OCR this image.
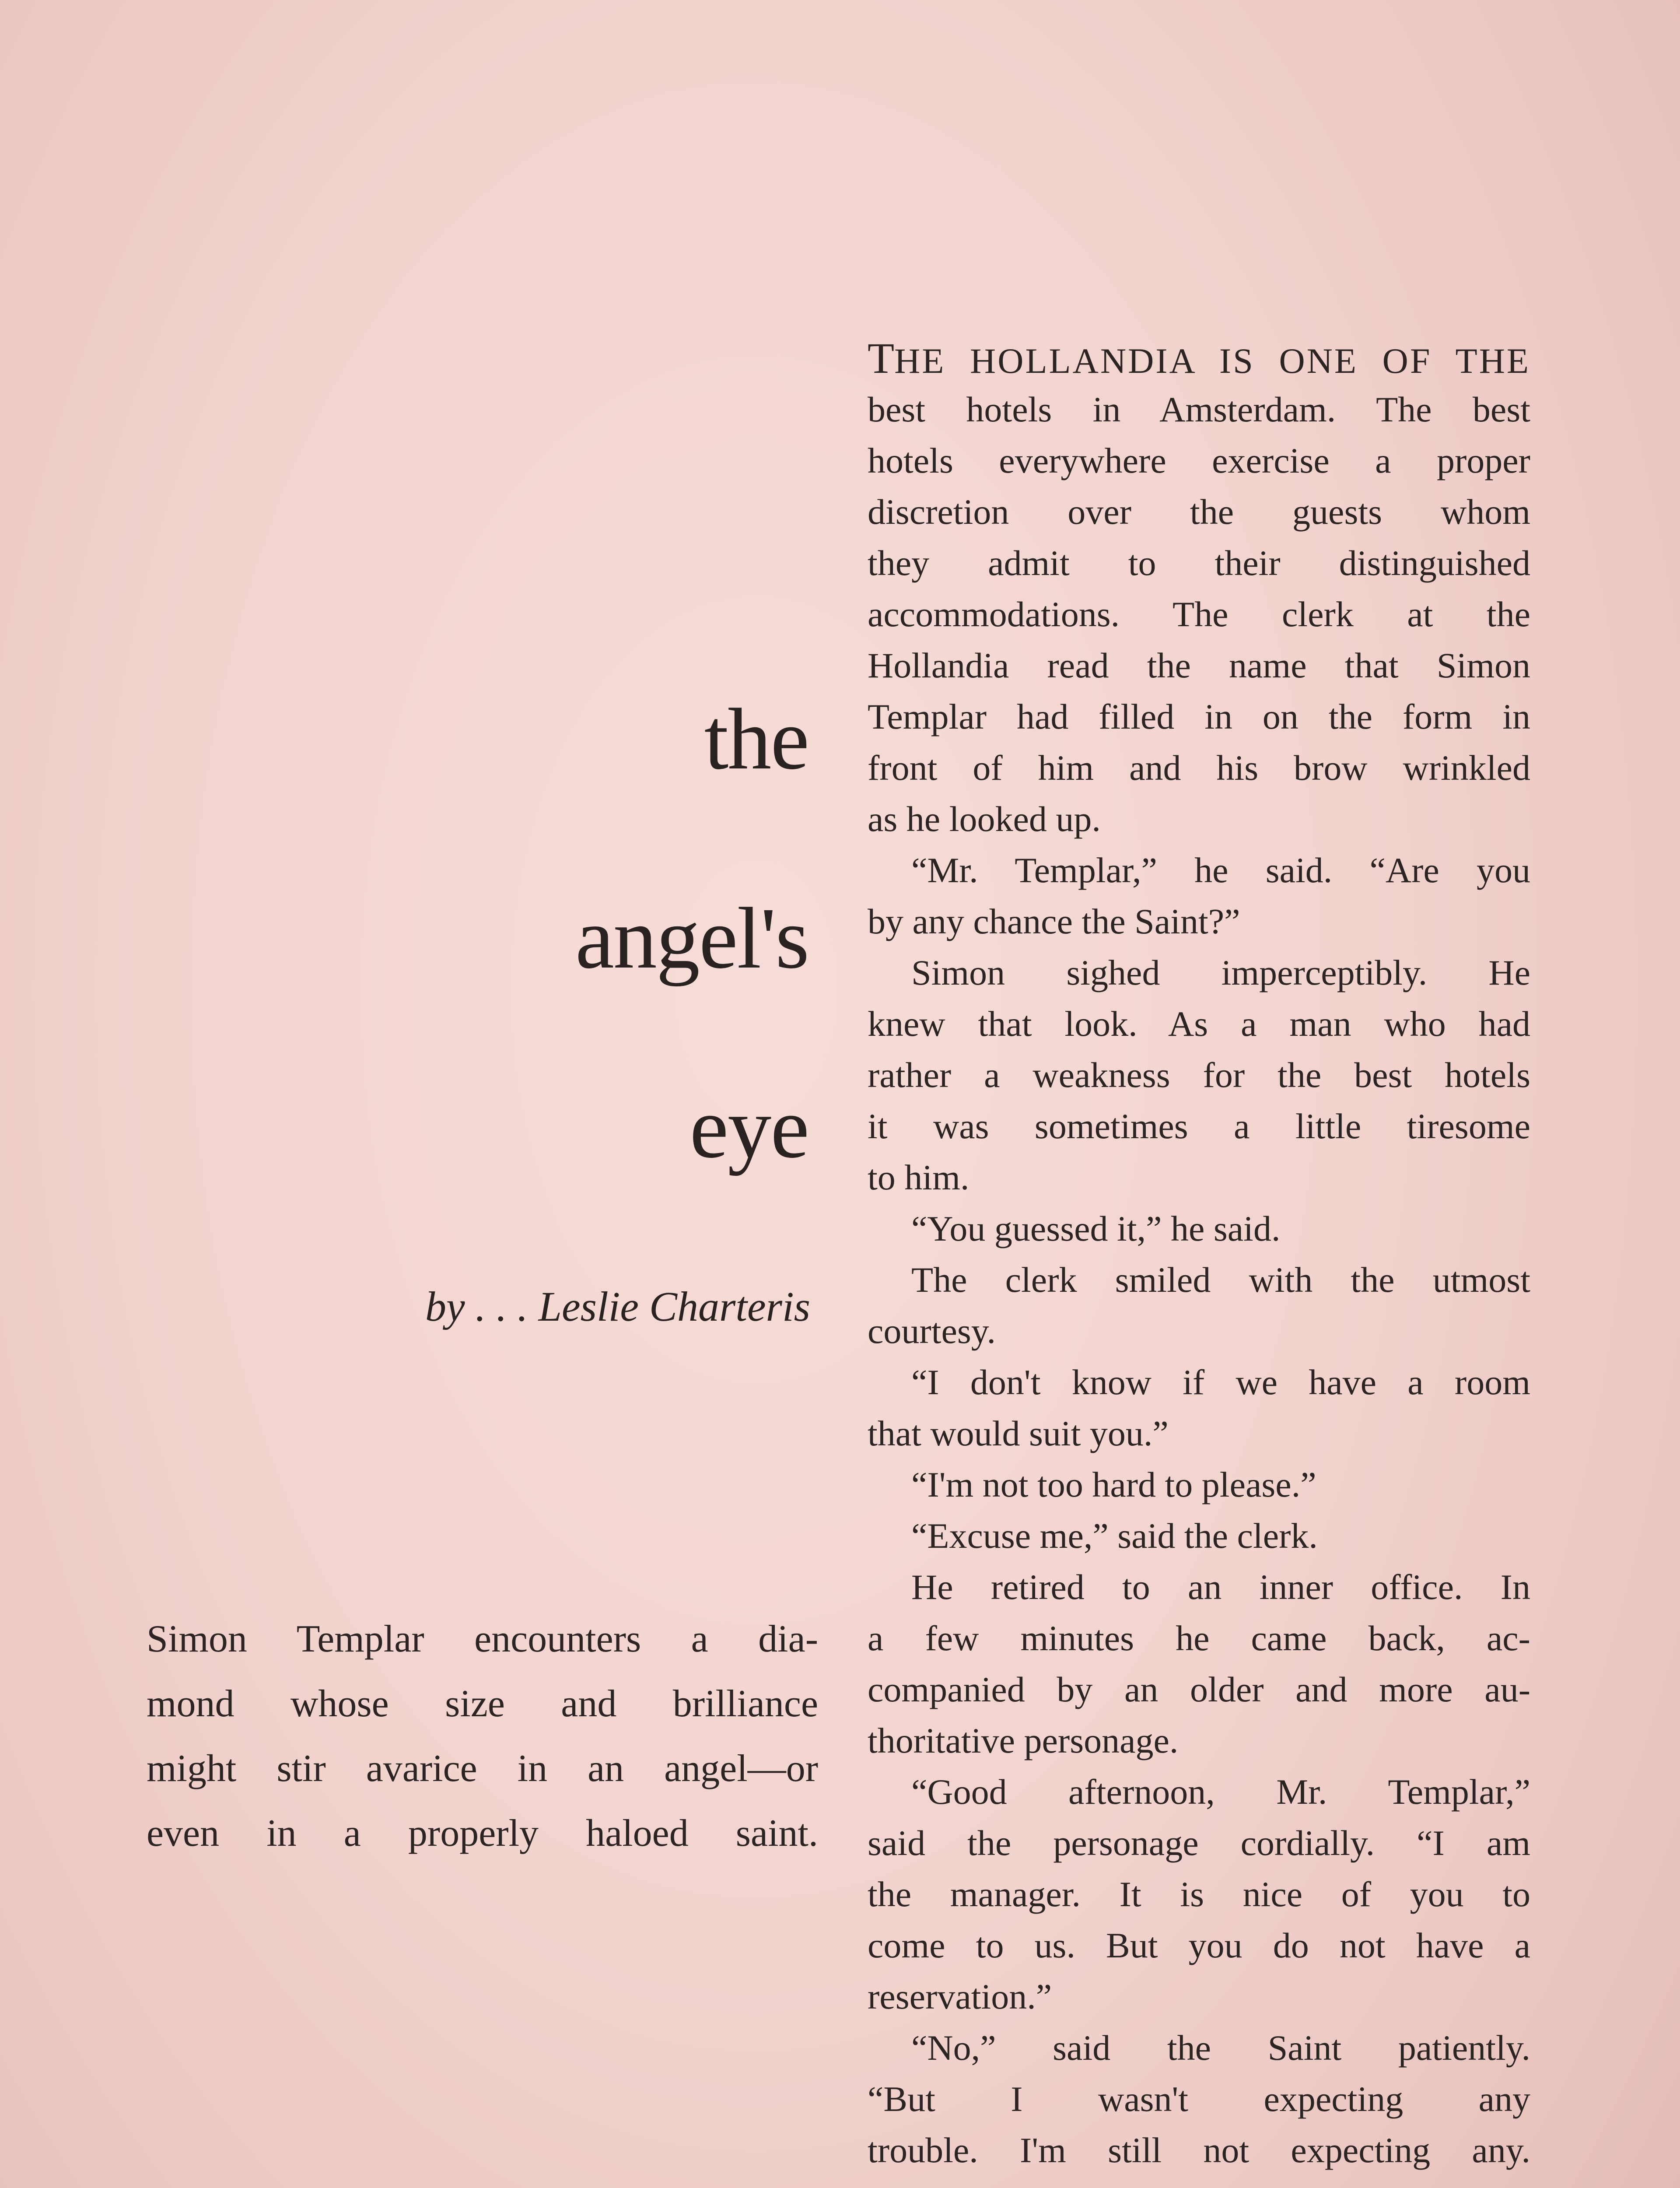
the
angel's
eye
by . . . Leslie Charteris
Simon Templar encounters a dia-
mond whose size and brilliance
might stir avarice in an angel—or
even in a properly haloed saint.
THE HOLLANDIA IS ONE OF THE
best hotels in Amsterdam. The best
hotels everywhere exercise a proper
discretion over the guests whom
they admit to their distinguished
accommodations. The clerk at the
Hollandia read the name that Simon
Templar had filled in on the form in
front of him and his brow wrinkled
as he looked up.
“Mr. Templar,” he said. “Are you
by any chance the Saint?”
Simon sighed imperceptibly. He
knew that look. As a man who had
rather a weakness for the best hotels
it was sometimes a little tiresome
to him.
“You guessed it,” he said.
The clerk smiled with the utmost
courtesy.
“I don't know if we have a room
that would suit you.”
“I'm not too hard to please.”
“Excuse me,” said the clerk.
He retired to an inner office. In
a few minutes he came back, ac-
companied by an older and more au-
thoritative personage.
“Good afternoon, Mr. Templar,”
said the personage cordially. “I am
the manager. It is nice of you to
come to us. But you do not have a
reservation.”
“No,” said the Saint patiently.
“But I wasn't expecting any
trouble. I'm still not expecting any.
